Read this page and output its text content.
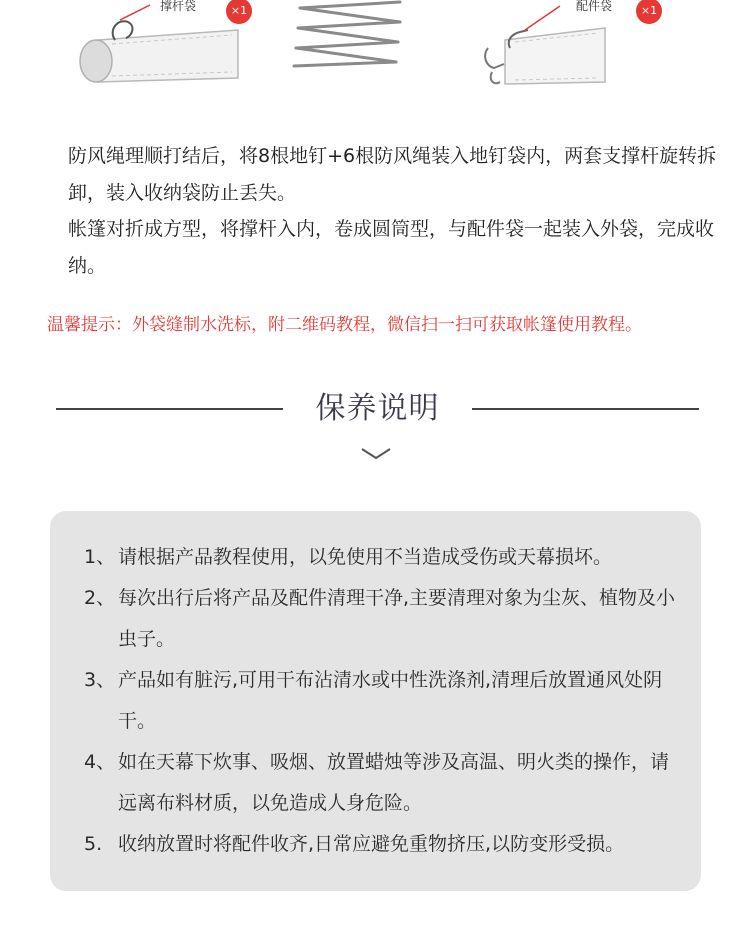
撑杆袋	×1	配件袋	×1

防风绳理顺打结后，将8根地钉+6根防风绳装入地钉袋内，两套支撑杆旋转拆卸，装入收纳袋防止丢失。

帐篷对折成方型，将撑杆入内，卷成圆筒型，与配件袋一起装入外袋，完成收纳。

温馨提示：外袋缝制水洗标，附二维码教程，微信扫一扫可获取帐篷使用教程。
保养说明
1、 请根据产品教程使用，以免使用不当造成受伤或天幕损坏。
2、 每次出行后将产品及配件清理干净,主要清理对象为尘灰、植物及小虫子。
3、 产品如有脏污,可用干布沾清水或中性洗涤剂,清理后放置通风处阴干。
4、 如在天幕下炊事、吸烟、放置蜡烛等涉及高温、明火类的操作，请远离布料材质，以免造成人身危险。
5. 收纳放置时将配件收齐,日常应避免重物挤压,以防变形受损。
